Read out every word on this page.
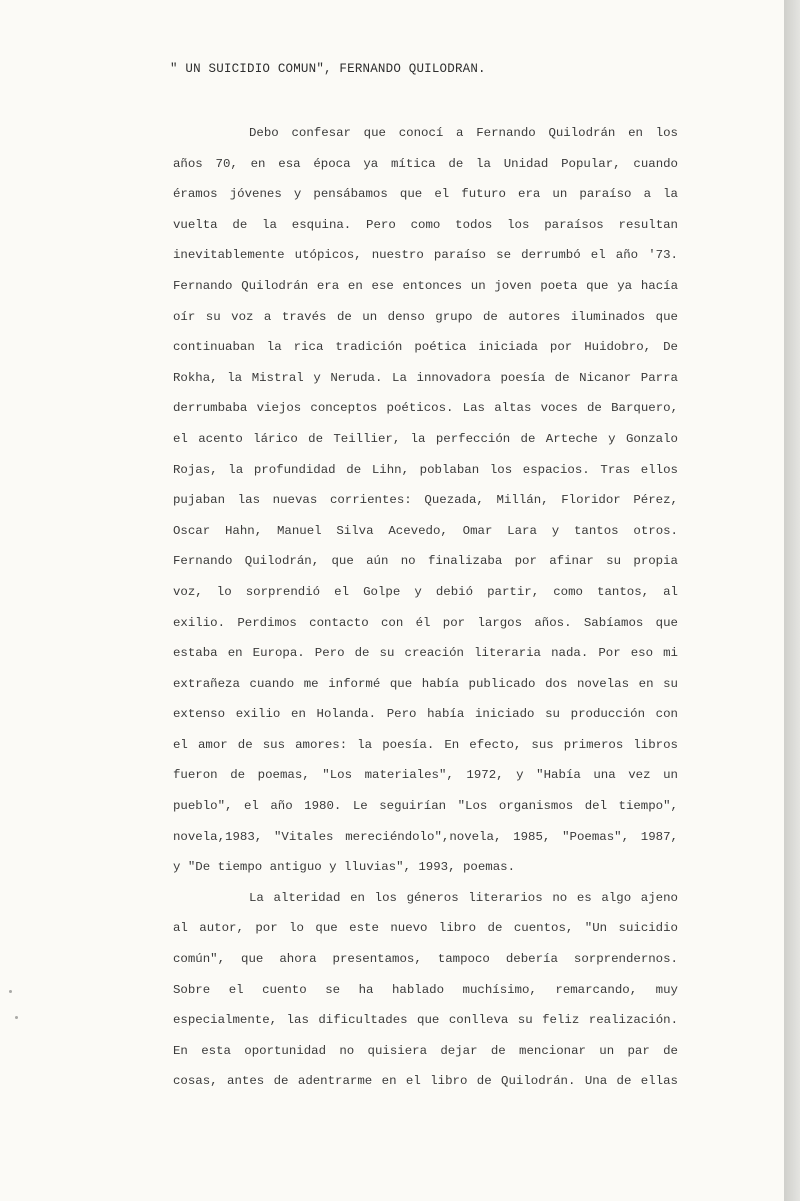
" UN SUICIDIO COMUN", FERNANDO QUILODRAN.

Debo confesar que conocí a Fernando Quilodrán en los
años 70, en esa época ya mítica de la Unidad Popular, cuando
éramos jóvenes y pensábamos que el futuro era un paraíso a la
vuelta de la esquina. Pero como todos los paraísos resultan
inevitablemente utópicos, nuestro paraíso se derrumbó el año '73.
Fernando Quilodrán era en ese entonces un joven poeta que ya hacía
oír su voz a través de un denso grupo de autores iluminados que
continuaban la rica tradición poética iniciada por Huidobro, De
Rokha, la Mistral y Neruda. La innovadora poesía de Nicanor Parra
derrumbaba viejos conceptos poéticos. Las altas voces de Barquero,
el acento lárico de Teillier, la perfección de Arteche y Gonzalo
Rojas, la profundidad de Lihn, poblaban los espacios. Tras ellos
pujaban las nuevas corrientes: Quezada, Millán, Floridor Pérez,
Oscar Hahn, Manuel Silva Acevedo, Omar Lara y tantos otros.
Fernando Quilodrán, que aún no finalizaba por afinar su propia
voz, lo sorprendió el Golpe y debió partir, como tantos, al
exilio. Perdimos contacto con él por largos años. Sabíamos que
estaba en Europa. Pero de su creación literaria nada. Por eso mi
extrañeza cuando me informé que había publicado dos novelas en su
extenso exilio en Holanda. Pero había iniciado su producción con
el amor de sus amores: la poesía. En efecto, sus primeros libros
fueron de poemas, "Los materiales", 1972, y "Había una vez un
pueblo", el año 1980. Le seguirían "Los organismos del tiempo",
novela,1983, "Vitales mereciéndolo",novela, 1985, "Poemas", 1987,
y "De tiempo antiguo y lluvias", 1993, poemas.

La alteridad en los géneros literarios no es algo ajeno
al autor, por lo que este nuevo libro de cuentos, "Un suicidio
común", que ahora presentamos, tampoco debería sorprendernos.
Sobre el cuento se ha hablado muchísimo, remarcando, muy
especialmente, las dificultades que conlleva su feliz realización.
En esta oportunidad no quisiera dejar de mencionar un par de
cosas, antes de adentrarme en el libro de Quilodrán. Una de ellas
